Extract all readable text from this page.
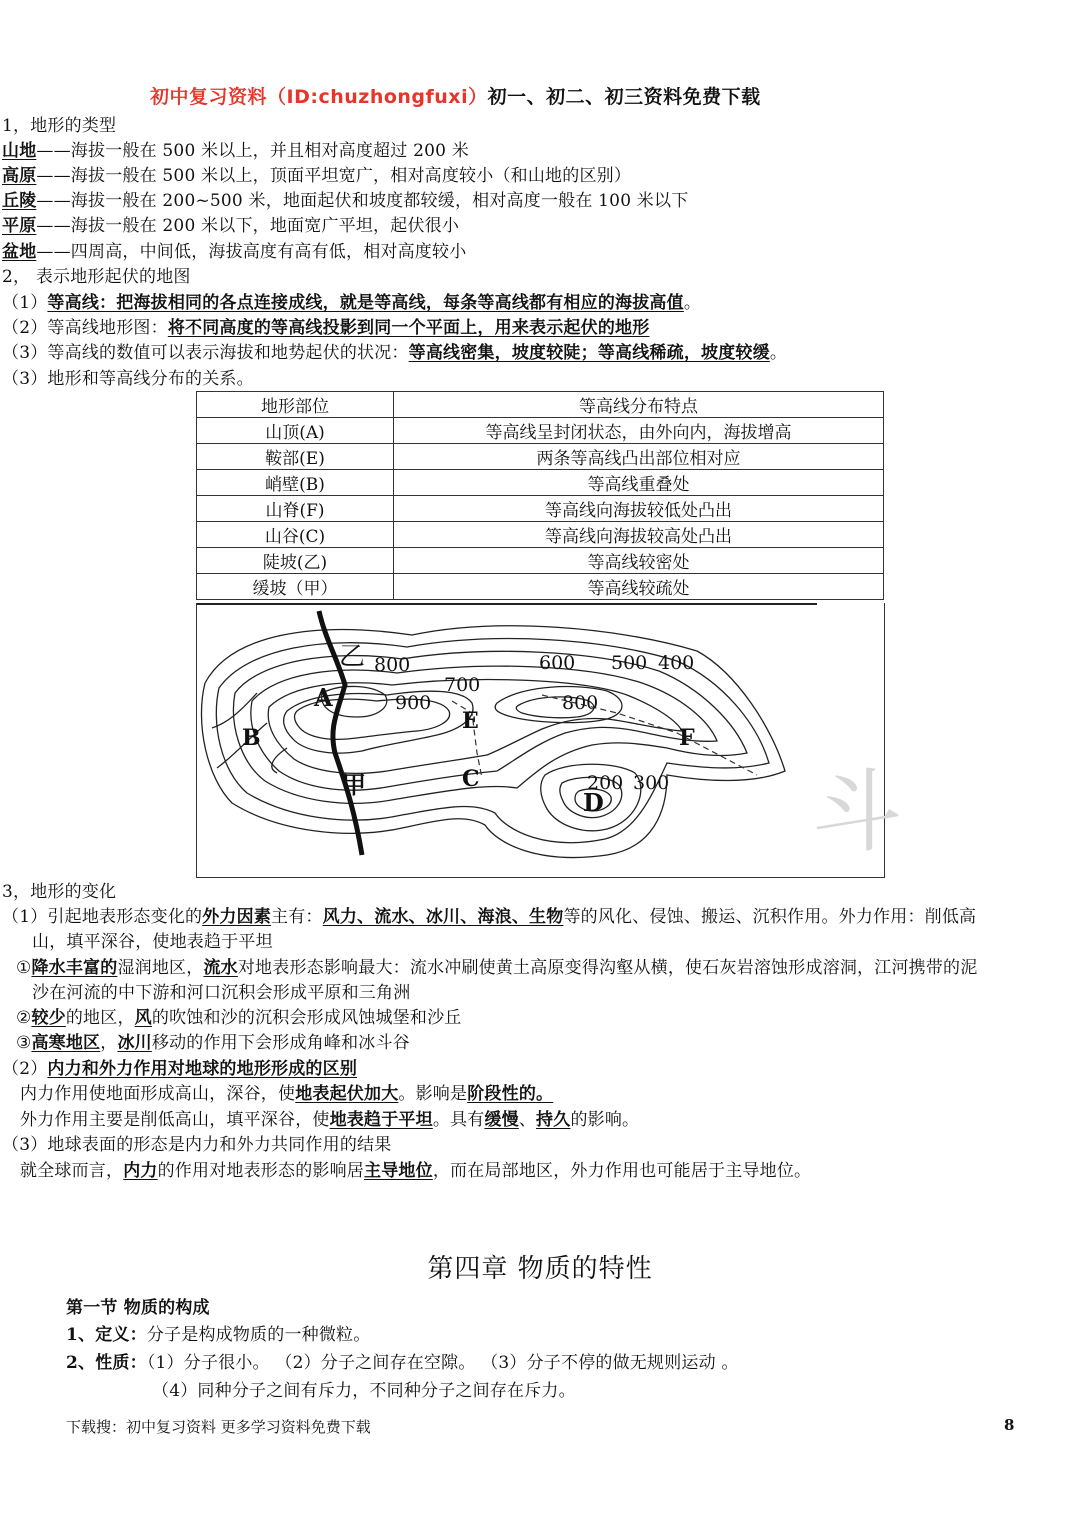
初中复习资料（ID:chuzhongfuxi）初一、初二、初三资料免费下载
1，地形的类型
山地——海拔一般在 500 米以上，并且相对高度超过 200 米
高原——海拔一般在 500 米以上，顶面平坦宽广，相对高度较小（和山地的区别）
丘陵——海拔一般在 200~500 米，地面起伏和坡度都较缓，相对高度一般在 100 米以下
平原——海拔一般在 200 米以下，地面宽广平坦，起伏很小
盆地——四周高，中间低，海拔高度有高有低，相对高度较小
2， 表示地形起伏的地图
（1）等高线：把海拔相同的各点连接成线，就是等高线，每条等高线都有相应的海拔高值。
（2）等高线地形图：将不同高度的等高线投影到同一个平面上，用来表示起伏的地形
（3）等高线的数值可以表示海拔和地势起伏的状况：等高线密集，坡度较陡；等高线稀疏，坡度较缓。
（3）地形和等高线分布的关系。
地形部位	等高线分布特点
山顶(A)	等高线呈封闭状态，由外向内，海拔增高
鞍部(E)	两条等高线凸出部位相对应
峭壁(B)	等高线重叠处
山脊(F)	等高线向海拔较低处凸出
山谷(C)	等高线向海拔较高处凸出
陡坡(乙)	等高线较密处
缓坡（甲）	等高线较疏处
乙
甲
A
B
C
D
E
F
800	600 500 400
700
900	800
200 300 斗
3，地形的变化
（1）引起地表形态变化的外力因素主有：风力、流水、冰川、海浪、生物等的风化、侵蚀、搬运、沉积作用。外力作用：削低高
山，填平深谷，使地表趋于平坦
①降水丰富的湿润地区，流水对地表形态影响最大：流水冲刷使黄土高原变得沟壑从横，使石灰岩溶蚀形成溶洞，江河携带的泥
沙在河流的中下游和河口沉积会形成平原和三角洲
②较少的地区，风的吹蚀和沙的沉积会形成风蚀城堡和沙丘
③高寒地区，冰川移动的作用下会形成角峰和冰斗谷
（2）内力和外力作用对地球的地形形成的区别
内力作用使地面形成高山，深谷，使地表起伏加大。影响是阶段性的。
外力作用主要是削低高山，填平深谷，使地表趋于平坦。具有缓慢、持久的影响。
（3）地球表面的形态是内力和外力共同作用的结果
就全球而言，内力的作用对地表形态的影响居主导地位，而在局部地区，外力作用也可能居于主导地位。
第四章 物质的特性
第一节 物质的构成
1、定义：分子是构成物质的一种微粒。
2、性质：（1）分子很小。 （2）分子之间存在空隙。 （3）分子不停的做无规则运动 。
（4）同种分子之间有斥力，不同种分子之间存在斥力。
下载搜：初中复习资料 更多学习资料免费下载	8
